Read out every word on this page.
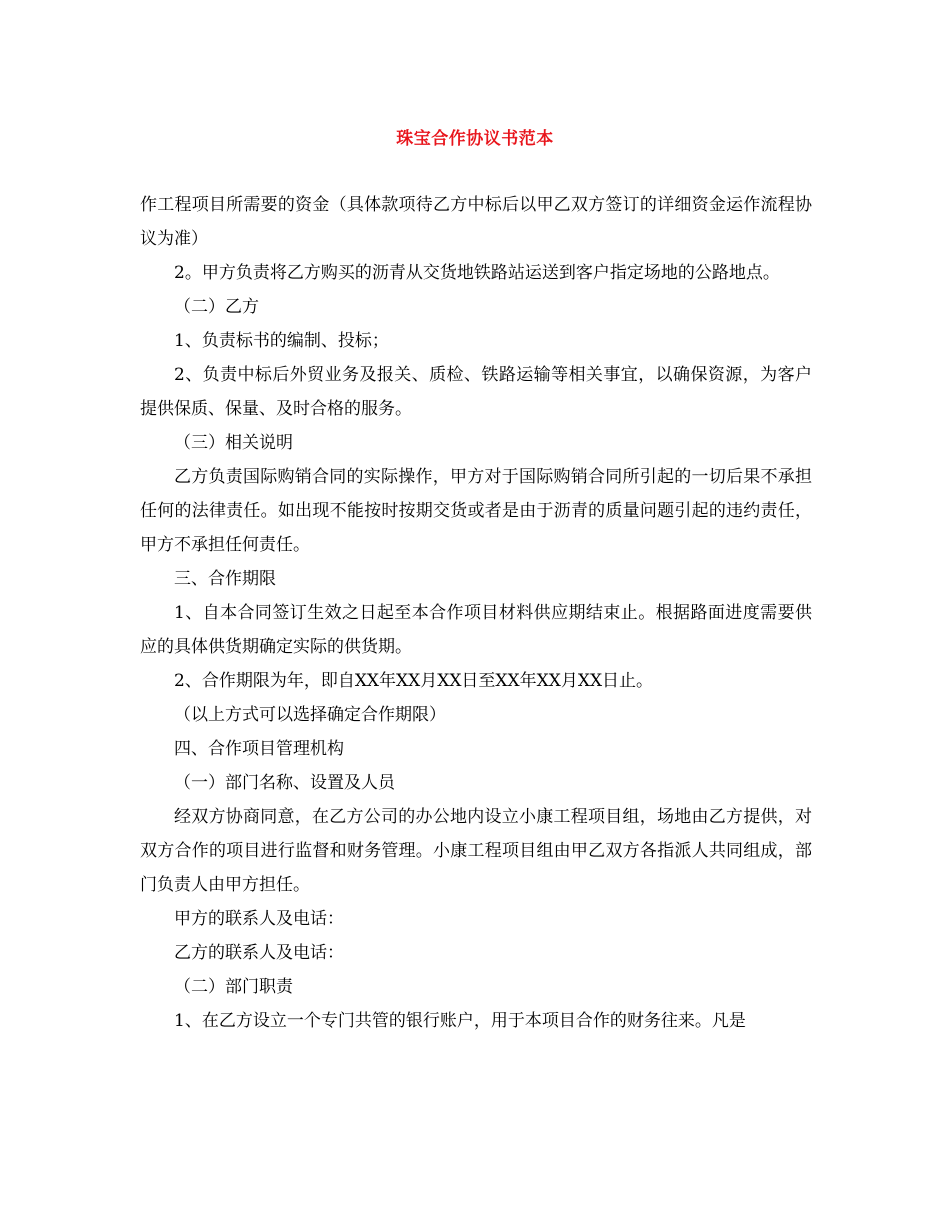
珠宝合作协议书范本

作工程项目所需要的资金（具体款项待乙方中标后以甲乙双方签订的详细资金运作流程协议为准）

2。甲方负责将乙方购买的沥青从交货地铁路站运送到客户指定场地的公路地点。

（二）乙方

1、负责标书的编制、投标；

2、负责中标后外贸业务及报关、质检、铁路运输等相关事宜，以确保资源，为客户提供保质、保量、及时合格的服务。

（三）相关说明

乙方负责国际购销合同的实际操作，甲方对于国际购销合同所引起的一切后果不承担任何的法律责任。如出现不能按时按期交货或者是由于沥青的质量问题引起的违约责任，甲方不承担任何责任。

三、合作期限

1、自本合同签订生效之日起至本合作项目材料供应期结束止。根据路面进度需要供应的具体供货期确定实际的供货期。

2、合作期限为年，即自XX年XX月XX日至XX年XX月XX日止。

（以上方式可以选择确定合作期限）

四、合作项目管理机构

（一）部门名称、设置及人员

经双方协商同意，在乙方公司的办公地内设立小康工程项目组，场地由乙方提供，对双方合作的项目进行监督和财务管理。小康工程项目组由甲乙双方各指派人共同组成，部门负责人由甲方担任。

甲方的联系人及电话：

乙方的联系人及电话：

（二）部门职责

1、在乙方设立一个专门共管的银行账户，用于本项目合作的财务往来。凡是
